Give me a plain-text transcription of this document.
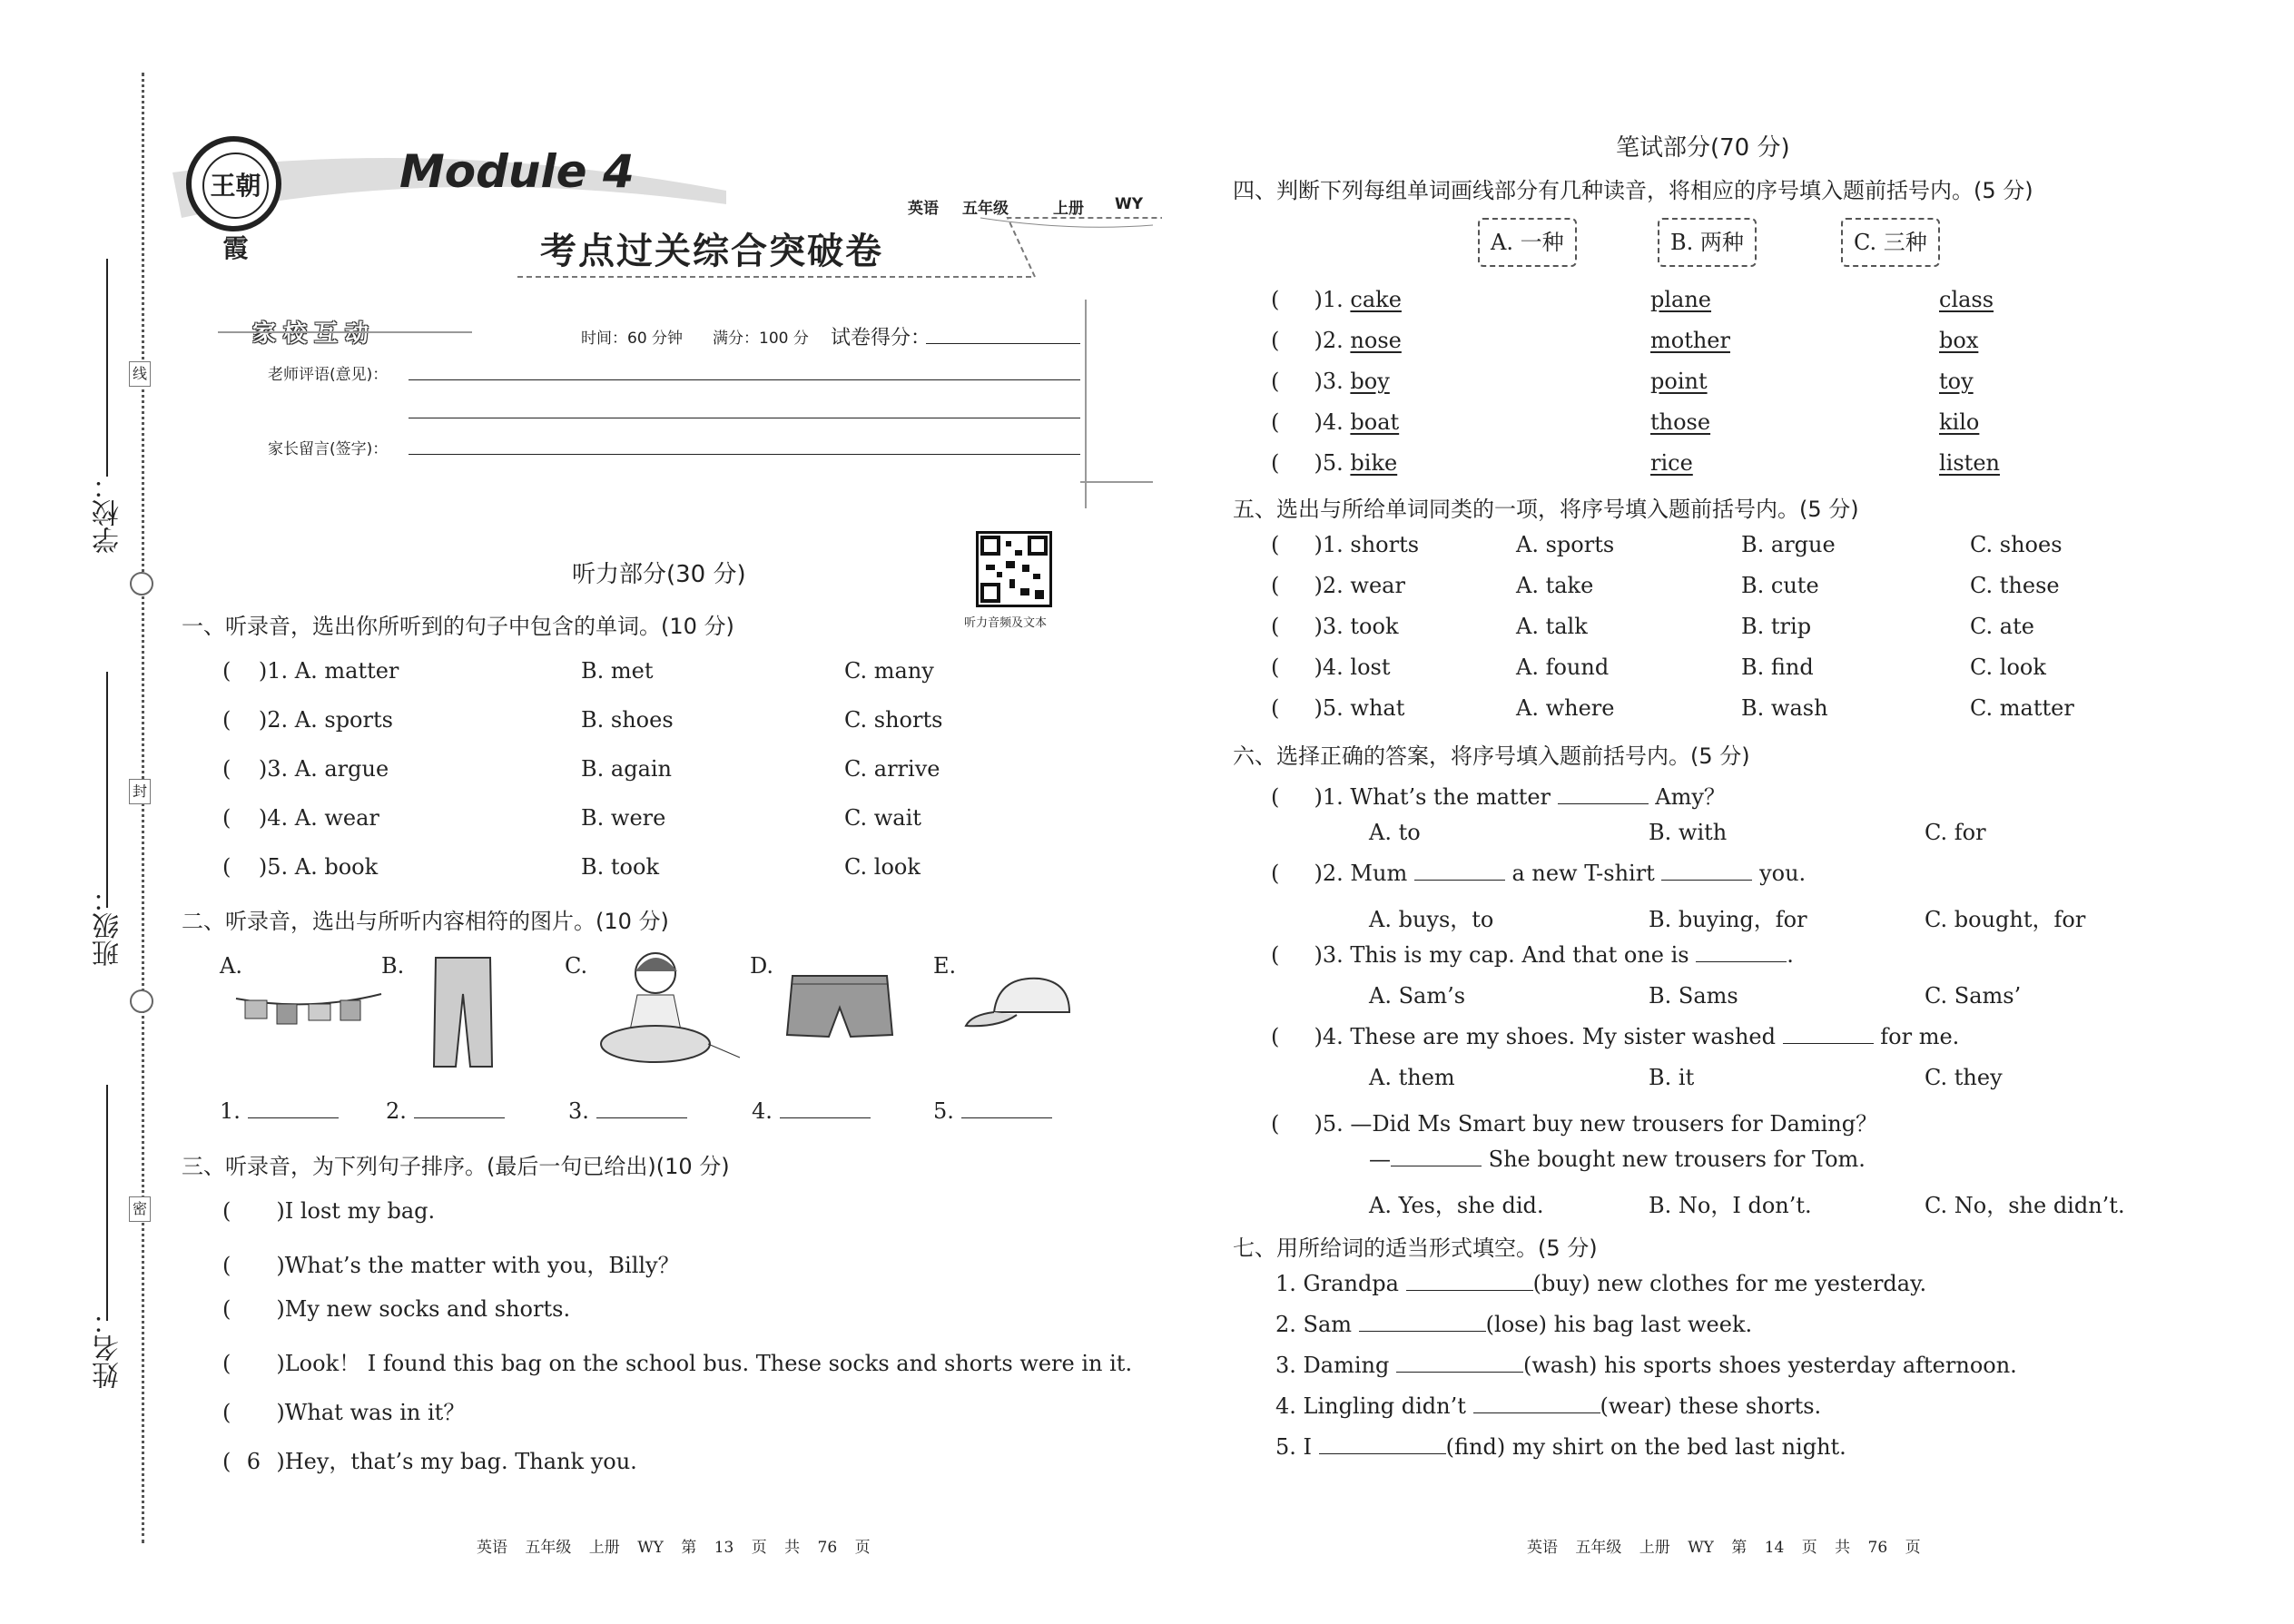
学校：
班级：
姓名：
线
封
密
王朝霞
Module 4
考点过关综合突破卷
英语 五年级	上册 WY
家校互动	时间：60 分钟 满分：100 分 试卷得分：
老师评语(意见)：
家长留言(签字)：
听力部分(30 分)
听力音频及文本
一、听录音，选出你所听到的句子中包含的单词。(10 分)
(    )1. A. matter	B. met	C. many
(    )2. A. sports	B. shoes	C. shorts
(    )3. A. argue	B. again	C. arrive
(    )4. A. wear	B. were	C. wait
(    )5. A. book	B. took	C. look
二、听录音，选出与所听内容相符的图片。(10 分)
A.	B.	C.	D.	E.
1.	2.	3.	4.	5.
三、听录音，为下列句子排序。(最后一句已给出)(10 分)
( )I lost my bag.
( )What’s the matter with you，Billy？
( )My new socks and shorts.
( )Look！ I found this bag on the school bus. These socks and shorts were in it.
( )What was in it？
( 6 )Hey，that’s my bag. Thank you.
英语 五年级 上册 WY 第 13 页 共 76 页
笔试部分(70 分)
四、判断下列每组单词画线部分有几种读音，将相应的序号填入题前括号内。(5 分)
A. 一种	B. 两种	C. 三种
(     )1. cake	plane	class
(     )2. nose	mother	box
(     )3. boy	point	toy
(     )4. boat	those	kilo
(     )5. bike	rice	listen
五、选出与所给单词同类的一项，将序号填入题前括号内。(5 分)
(     )1. shorts	A. sports	B. argue	C. shoes
(     )2. wear	A. take	B. cute	C. these
(     )3. took	A. talk	B. trip	C. ate
(     )4. lost	A. found	B. find	C. look
(     )5. what	A. where	B. wash	C. matter
六、选择正确的答案，将序号填入题前括号内。(5 分)
(     )1. What’s the matter	Amy？
A. to	B. with	C. for
(     )2. Mum	a new T-shirt	you.
A. buys，to	B. buying，for	C. bought，for
(     )3. This is my cap. And that one is	.
A. Sam’s	B. Sams	C. Sams’
(     )4. These are my shoes. My sister washed	for me.
A. them	B. it	C. they
(     )5. —Did Ms Smart buy new trousers for Daming？
—	She bought new trousers for Tom.
A. Yes，she did.	B. No，I don’t.	C. No，she didn’t.
七、用所给词的适当形式填空。(5 分)
1. Grandpa	(buy) new clothes for me yesterday.
2. Sam	(lose) his bag last week.
3. Daming	(wash) his sports shoes yesterday afternoon.
4. Lingling didn’t	(wear) these shorts.
5. I	(find) my shirt on the bed last night.
英语 五年级 上册 WY 第 14 页 共 76 页
